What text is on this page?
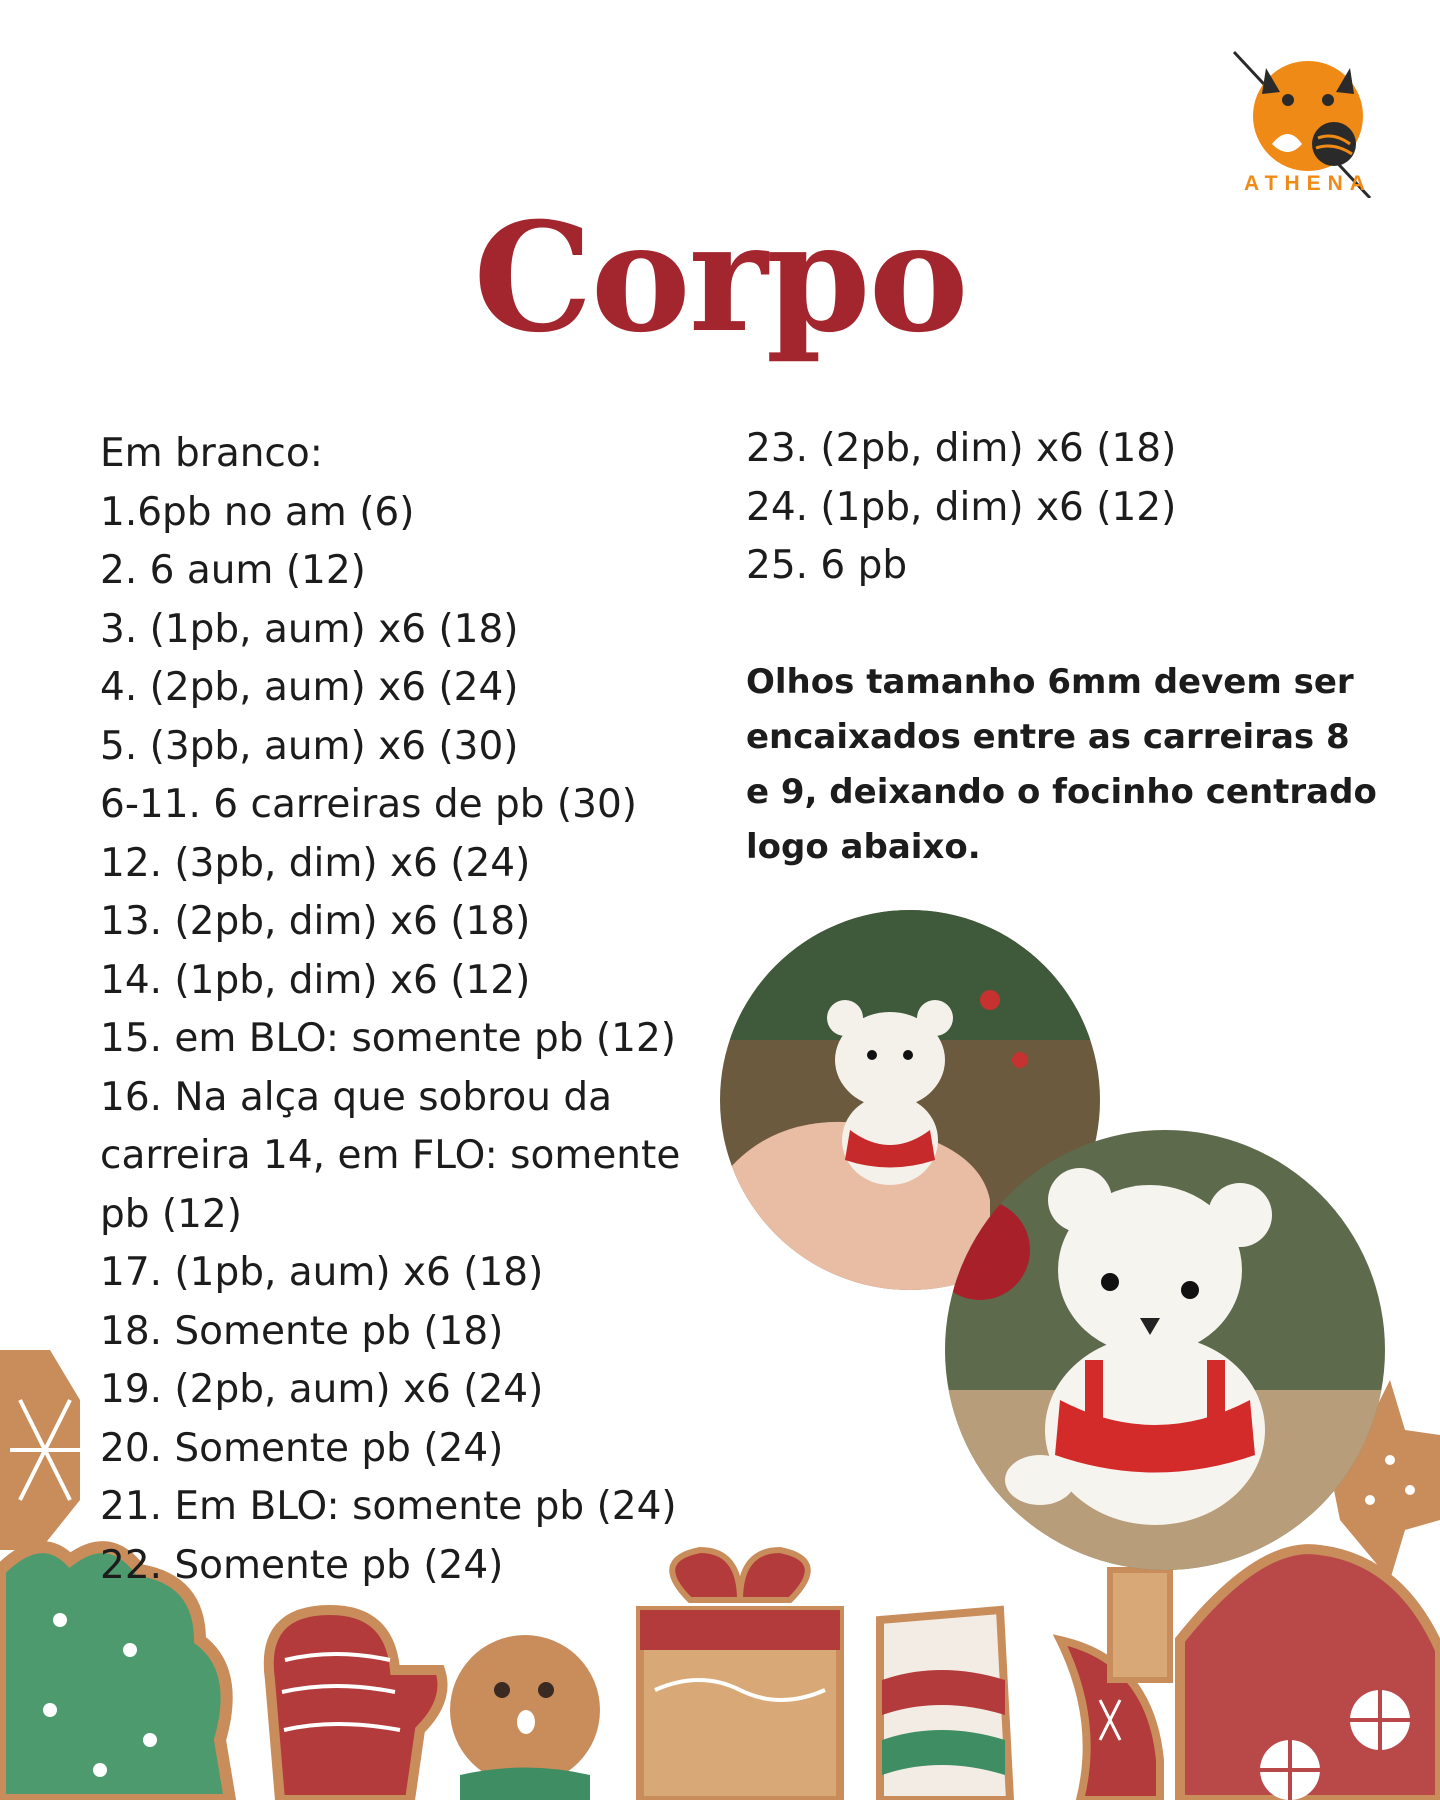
ATHENA
Corpo
Em branco:
1.6pb no am (6)
2. 6 aum (12)
3. (1pb, aum) x6 (18)
4. (2pb, aum) x6 (24)
5. (3pb, aum) x6 (30)
6-11. 6 carreiras de pb (30)
12. (3pb, dim) x6 (24)
13. (2pb, dim) x6 (18)
14. (1pb, dim) x6 (12)
15. em BLO: somente pb (12)
16. Na alça que sobrou da
carreira 14, em FLO: somente
pb (12)
17. (1pb, aum) x6 (18)
18. Somente pb (18)
19. (2pb, aum) x6 (24)
20. Somente pb (24)
21. Em BLO: somente pb (24)
22. Somente pb (24)
23. (2pb, dim) x6 (18)
24. (1pb, dim) x6 (12)
25. 6 pb
Olhos tamanho 6mm devem ser
encaixados entre as carreiras 8
e 9, deixando o focinho centrado
logo abaixo.
